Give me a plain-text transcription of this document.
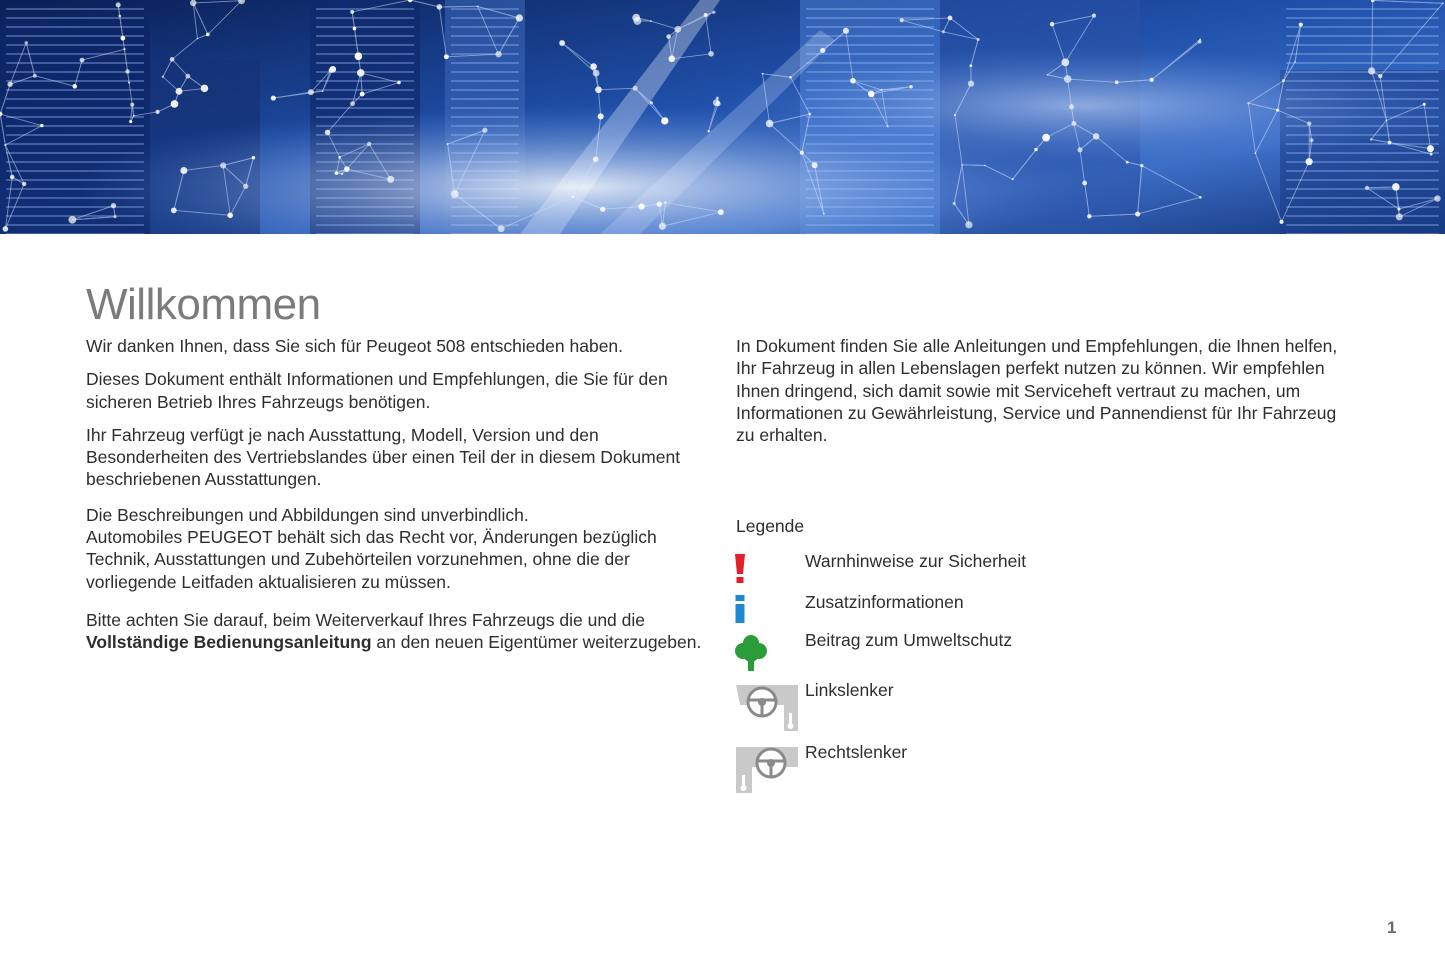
Willkommen

Wir danken Ihnen, dass Sie sich für Peugeot 508 entschieden haben.

Dieses Dokument enthält Informationen und Empfehlungen, die Sie für den sicheren Betrieb Ihres Fahrzeugs benötigen.

Ihr Fahrzeug verfügt je nach Ausstattung, Modell, Version und den Besonderheiten des Vertriebslandes über einen Teil der in diesem Dokument beschriebenen Ausstattungen.

Die Beschreibungen und Abbildungen sind unverbindlich.
Automobiles PEUGEOT behält sich das Recht vor, Änderungen bezüglich Technik, Ausstattungen und Zubehörteilen vorzunehmen, ohne die der vorliegende Leitfaden aktualisieren zu müssen.

Bitte achten Sie darauf, beim Weiterverkauf Ihres Fahrzeugs die und die Vollständige Bedienungsanleitung an den neuen Eigentümer weiterzugeben.

In Dokument finden Sie alle Anleitungen und Empfehlungen, die Ihnen helfen, Ihr Fahrzeug in allen Lebenslagen perfekt nutzen zu können. Wir empfehlen Ihnen dringend, sich damit sowie mit Serviceheft vertraut zu machen, um Informationen zu Gewährleistung, Service und Pannendienst für Ihr Fahrzeug zu erhalten.

Legende
Warnhinweise zur Sicherheit
Zusatzinformationen
Beitrag zum Umweltschutz
Linkslenker
Rechtslenker
1
